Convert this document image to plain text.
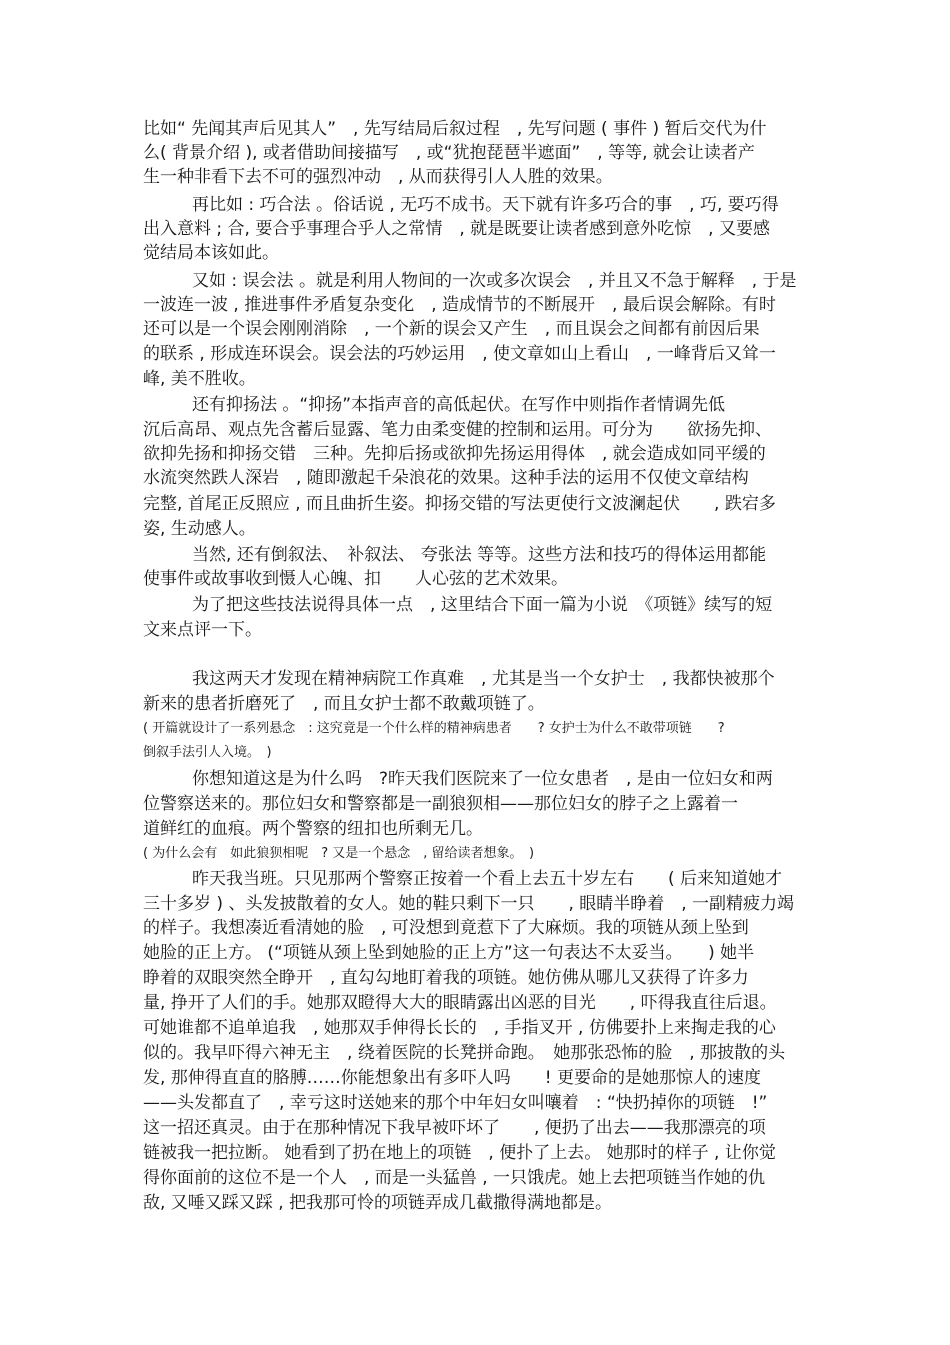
比如“ 先闻其声后见其人”　, 先写结局后叙过程　, 先写问题 ( 事件 ) 暂后交代为什
么( 背景介绍 ), 或者借助间接描写　, 或“犹抱琵琶半遮面”　, 等等, 就会让读者产
生一种非看下去不可的强烈冲动　, 从而获得引人人胜的效果。
再比如 : 巧合法 。俗话说 , 无巧不成书。天下就有许多巧合的事　, 巧, 要巧得
出入意料 ; 合, 要合乎事理合乎人之常情　, 就是既要让读者感到意外吃惊　, 又要感
觉结局本该如此。
又如 : 误会法 。就是利用人物间的一次或多次误会　, 并且又不急于解释　, 于是
一波连一波 , 推进事件矛盾复杂变化　, 造成情节的不断展开　, 最后误会解除。有时
还可以是一个误会刚刚消除　, 一个新的误会又产生　, 而且误会之间都有前因后果
的联系 , 形成连环误会。误会法的巧妙运用　, 使文章如山上看山　, 一峰背后又耸一
峰, 美不胜收。
还有抑扬法 。“抑扬”本指声音的高低起伏。在写作中则指作者情调先低
沉后高昂、观点先含蓄后显露、笔力由柔变健的控制和运用。可分为　　欲扬先抑、
欲抑先扬和抑扬交错　三种。先抑后扬或欲抑先扬运用得体　, 就会造成如同平缓的
水流突然跌人深岩　, 随即激起千朵浪花的效果。这种手法的运用不仅使文章结构
完整, 首尾正反照应 , 而且曲折生姿。抑扬交错的写法更使行文波澜起伏　　, 跌宕多
姿, 生动感人。
当然, 还有倒叙法、　补叙法、 夸张法 等等。这些方法和技巧的得体运用都能
使事件或故事收到慑人心魄、扣　　人心弦的艺术效果。
为了把这些技法说得具体一点　, 这里结合下面一篇为小说　《项链》续写的短
文来点评一下。
我这两天才发现在精神病院工作真难　, 尤其是当一个女护士　, 我都快被那个
新来的患者折磨死了　, 而且女护士都不敢戴项链了。
( 开篇就设计了一系列悬念　: 这究竟是一个什么样的精神病患者　　? 女护士为什么不敢带项链　　?
倒叙手法引人入境。　)
你想知道这是为什么吗　?昨天我们医院来了一位女患者　, 是由一位妇女和两
位警察送来的。那位妇女和警察都是一副狼狈相——那位妇女的脖子之上露着一
道鲜红的血痕。两个警察的纽扣也所剩无几。
( 为什么会有　如此狼狈相呢　? 又是一个悬念　, 留给读者想象。　)
昨天我当班。只见那两个警察正按着一个看上去五十岁左右　　( 后来知道她才
三十多岁 ) 、头发披散着的女人。她的鞋只剩下一只　　, 眼睛半睁着　, 一副精疲力竭
的样子。我想凑近看清她的脸　, 可没想到竟惹下了大麻烦。我的项链从颈上坠到
她脸的正上方。 (“项链从颈上坠到她脸的正上方”这一句表达不太妥当。　　) 她半
睁着的双眼突然全睁开　, 直勾勾地盯着我的项链。她仿佛从哪儿又获得了许多力
量, 挣开了人们的手。她那双瞪得大大的眼睛露出凶恶的目光　　, 吓得我直往后退。
可她谁都不追单追我　, 她那双手伸得长长的　, 手指叉开 , 仿佛要扑上来掏走我的心
似的。我早吓得六神无主　, 绕着医院的长凳拼命跑。　她那张恐怖的脸　, 那披散的头
发, 那伸得直直的胳膊……你能想象出有多吓人吗　　! 更要命的是她那惊人的速度
——头发都直了　, 幸亏这时送她来的那个中年妇女叫嚷着　: “快扔掉你的项链　!”
这一招还真灵。由于在那种情况下我早被吓坏了　　, 便扔了出去——我那漂亮的项
链被我一把拉断。 她看到了扔在地上的项链　, 便扑了上去。 她那时的样子 , 让你觉
得你面前的这位不是一个人　, 而是一头猛兽 , 一只饿虎。她上去把项链当作她的仇
敌, 又唾又踩又踩 , 把我那可怜的项链弄成几截撒得满地都是。
